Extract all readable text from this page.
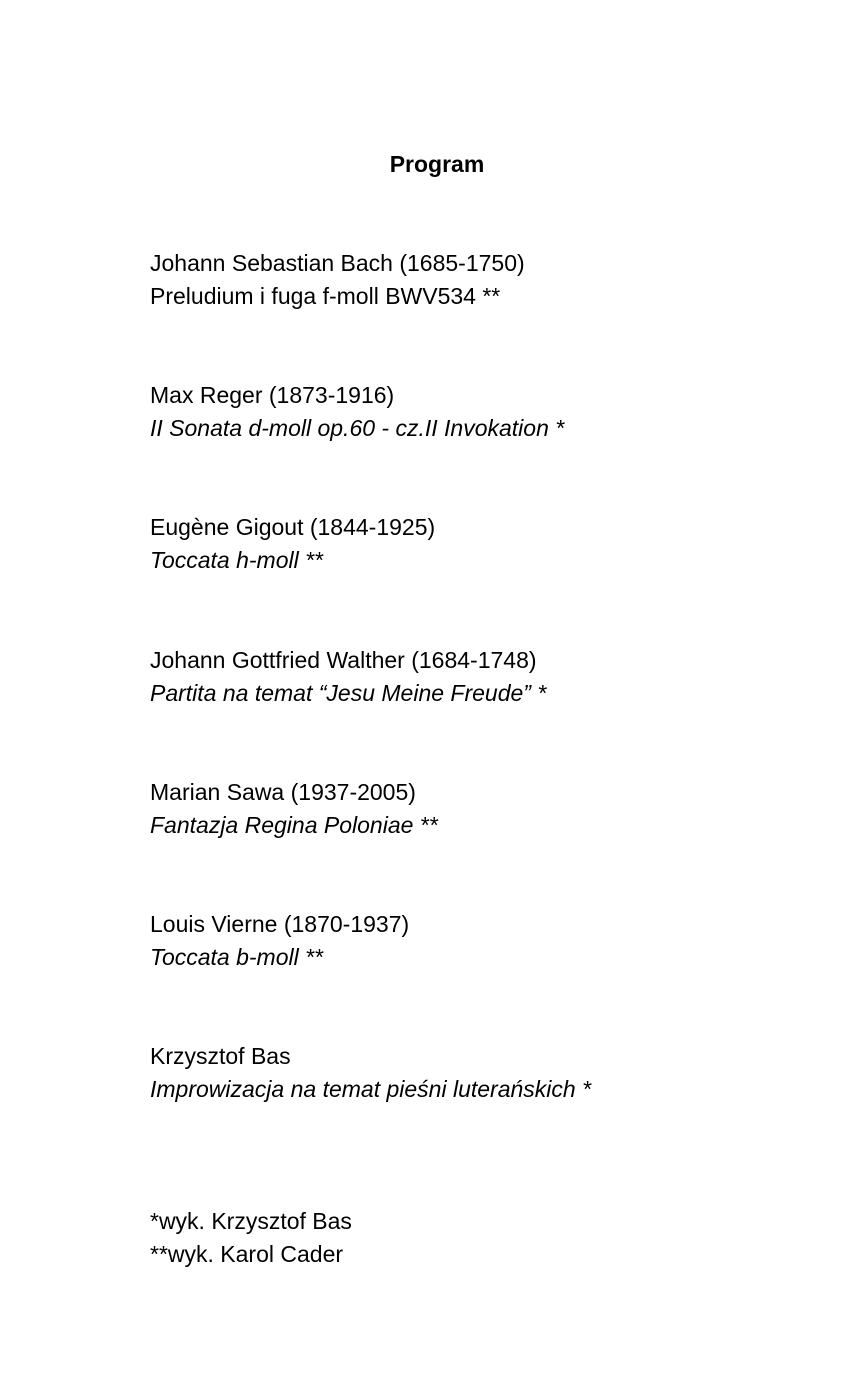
Program
Johann Sebastian Bach (1685-1750)
Preludium i fuga f-moll BWV534 **
Max Reger (1873-1916)
II Sonata d-moll op.60 - cz.II Invokation *
Eugène Gigout (1844-1925)
Toccata h-moll **
Johann Gottfried Walther (1684-1748)
Partita na temat “Jesu Meine Freude” *
Marian Sawa (1937-2005)
Fantazja Regina Poloniae **
Louis Vierne (1870-1937)
Toccata b-moll **
Krzysztof Bas
Improwizacja na temat pieśni luterańskich *
*wyk. Krzysztof Bas
**wyk. Karol Cader
